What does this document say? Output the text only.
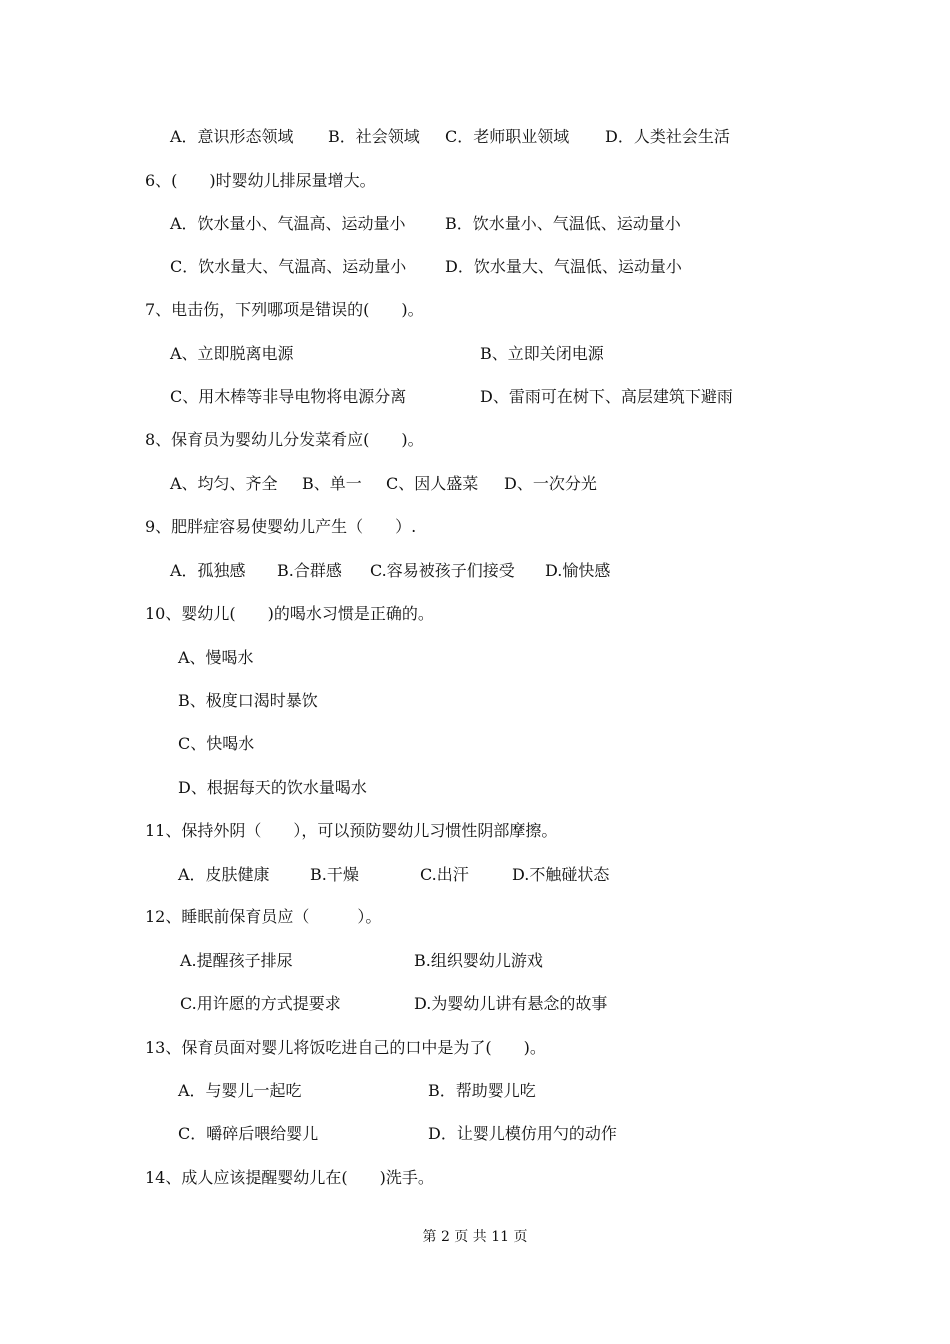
A．意识形态领域 B．社会领域 C．老师职业领域 D．人类社会生活
6、(　　)时婴幼儿排尿量增大。
A．饮水量小、气温高、运动量小 B．饮水量小、气温低、运动量小
C．饮水量大、气温高、运动量小 D．饮水量大、气温低、运动量小
7、电击伤，下列哪项是错误的(　　)。
A、立即脱离电源	B、立即关闭电源
C、用木棒等非导电物将电源分离	D、雷雨可在树下、高层建筑下避雨
8、保育员为婴幼儿分发菜肴应(　　)。
A、均匀、齐全 B、单一 C、因人盛菜 D、一次分光
9、肥胖症容易使婴幼儿产生（　　）.
A．孤独感 B.合群感 C.容易被孩子们接受 D.愉快感
10、婴幼儿(　　)的喝水习惯是正确的。
A、慢喝水
B、极度口渴时暴饮
C、快喝水
D、根据每天的饮水量喝水
11、保持外阴（　　），可以预防婴幼儿习惯性阴部摩擦。
A．皮肤健康	B.干燥	C.出汗	D.不触碰状态
12、睡眠前保育员应（　　　）。
A.提醒孩子排尿	B.组织婴幼儿游戏
C.用许愿的方式提要求	D.为婴幼儿讲有悬念的故事
13、保育员面对婴儿将饭吃进自己的口中是为了(　　)。
A．与婴儿一起吃	B．帮助婴儿吃
C．嚼碎后喂给婴儿	D．让婴儿模仿用勺的动作
14、成人应该提醒婴幼儿在(　　)洗手。
第 2 页 共 11 页
